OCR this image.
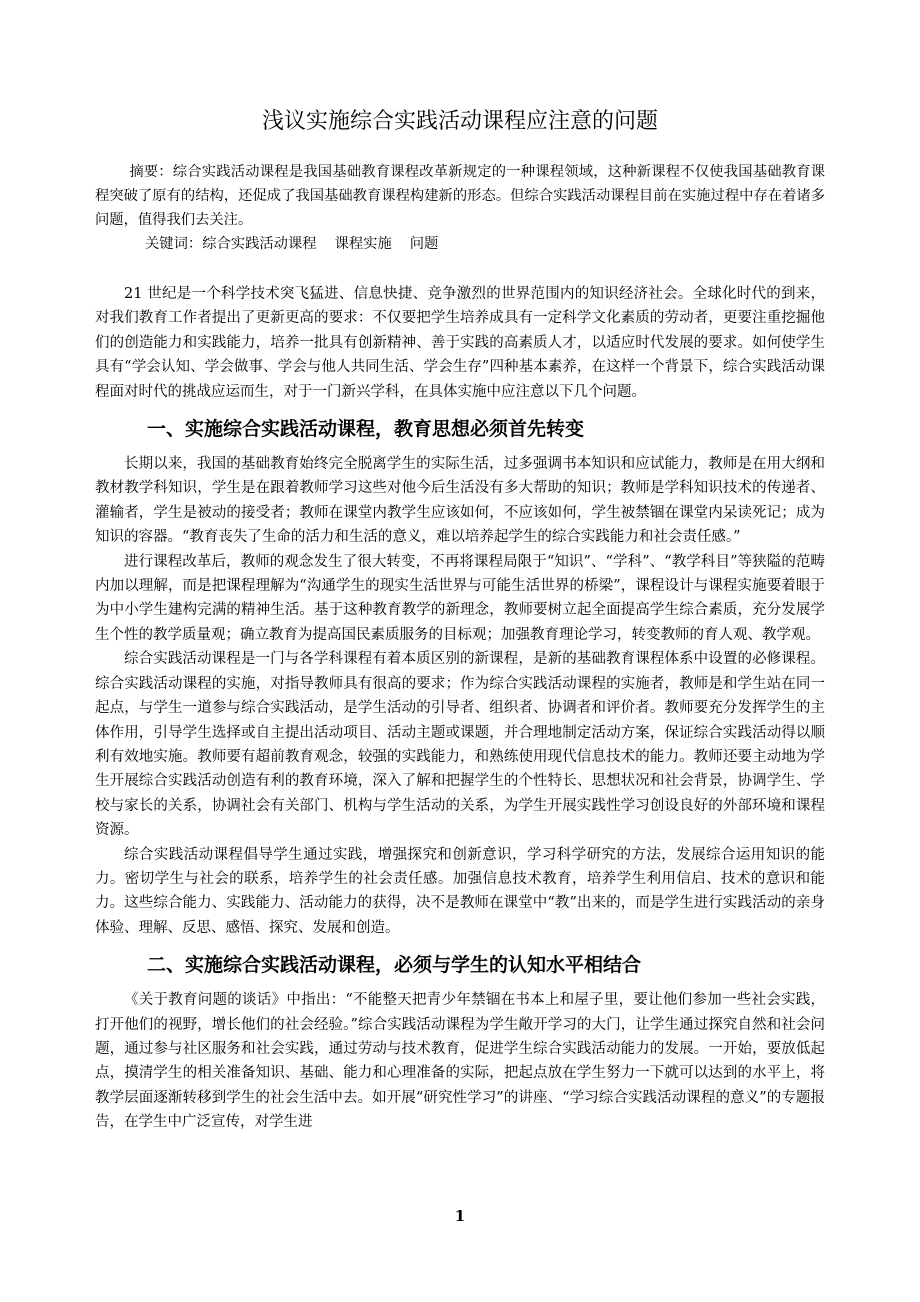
浅议实施综合实践活动课程应注意的问题

摘要：综合实践活动课程是我国基础教育课程改革新规定的一种课程领域，这种新课程不仅使我国基础教育课程突破了原有的结构，还促成了我国基础教育课程构建新的形态。但综合实践活动课程目前在实施过程中存在着诸多问题，值得我们去关注。

关键词：综合实践活动课程 课程实施 问题

21 世纪是一个科学技术突飞猛进、信息快捷、竞争激烈的世界范围内的知识经济社会。全球化时代的到来，对我们教育工作者提出了更新更高的要求：不仅要把学生培养成具有一定科学文化素质的劳动者，更要注重挖掘他们的创造能力和实践能力，培养一批具有创新精神、善于实践的高素质人才，以适应时代发展的要求。如何使学生具有“学会认知、学会做事、学会与他人共同生活、学会生存”四种基本素养，在这样一个背景下，综合实践活动课程面对时代的挑战应运而生，对于一门新兴学科，在具体实施中应注意以下几个问题。

一、实施综合实践活动课程，教育思想必须首先转变

长期以来，我国的基础教育始终完全脱离学生的实际生活，过多强调书本知识和应试能力，教师是在用大纲和教材教学科知识，学生是在跟着教师学习这些对他今后生活没有多大帮助的知识；教师是学科知识技术的传递者、灌输者，学生是被动的接受者；教师在课堂内教学生应该如何，不应该如何，学生被禁锢在课堂内呆读死记；成为知识的容器。“教育丧失了生命的活力和生活的意义，难以培养起学生的综合实践能力和社会责任感。”

进行课程改革后，教师的观念发生了很大转变，不再将课程局限于“知识”、“学科”、“教学科目”等狭隘的范畴内加以理解，而是把课程理解为“沟通学生的现实生活世界与可能生活世界的桥梁”，课程设计与课程实施要着眼于为中小学生建构完满的精神生活。基于这种教育教学的新理念，教师要树立起全面提高学生综合素质，充分发展学生个性的教学质量观；确立教育为提高国民素质服务的目标观；加强教育理论学习，转变教师的育人观、教学观。

综合实践活动课程是一门与各学科课程有着本质区别的新课程，是新的基础教育课程体系中设置的必修课程。综合实践活动课程的实施，对指导教师具有很高的要求；作为综合实践活动课程的实施者，教师是和学生站在同一起点，与学生一道参与综合实践活动，是学生活动的引导者、组织者、协调者和评价者。教师要充分发挥学生的主体作用，引导学生选择或自主提出活动项目、活动主题或课题，并合理地制定活动方案，保证综合实践活动得以顺利有效地实施。教师要有超前教育观念，较强的实践能力，和熟练使用现代信息技术的能力。教师还要主动地为学生开展综合实践活动创造有利的教育环境，深入了解和把握学生的个性特长、思想状况和社会背景，协调学生、学校与家长的关系，协调社会有关部门、机构与学生活动的关系，为学生开展实践性学习创设良好的外部环境和课程资源。

综合实践活动课程倡导学生通过实践，增强探究和创新意识，学习科学研究的方法，发展综合运用知识的能力。密切学生与社会的联系，培养学生的社会责任感。加强信息技术教育，培养学生利用信启、技术的意识和能力。这些综合能力、实践能力、活动能力的获得，决不是教师在课堂中“教”出来的，而是学生进行实践活动的亲身体验、理解、反思、感悟、探究、发展和创造。

二、实施综合实践活动课程，必须与学生的认知水平相结合

《关于教育问题的谈话》中指出：“不能整天把青少年禁锢在书本上和屋子里，要让他们参加一些社会实践，打开他们的视野，增长他们的社会经验。”综合实践活动课程为学生敞开学习的大门，让学生通过探究自然和社会问题，通过参与社区服务和社会实践，通过劳动与技术教育，促进学生综合实践活动能力的发展。一开始，要放低起点，摸清学生的相关准备知识、基础、能力和心理准备的实际，把起点放在学生努力一下就可以达到的水平上，将教学层面逐渐转移到学生的社会生活中去。如开展“研究性学习”的讲座、“学习综合实践活动课程的意义”的专题报告，在学生中广泛宣传，对学生进

1
